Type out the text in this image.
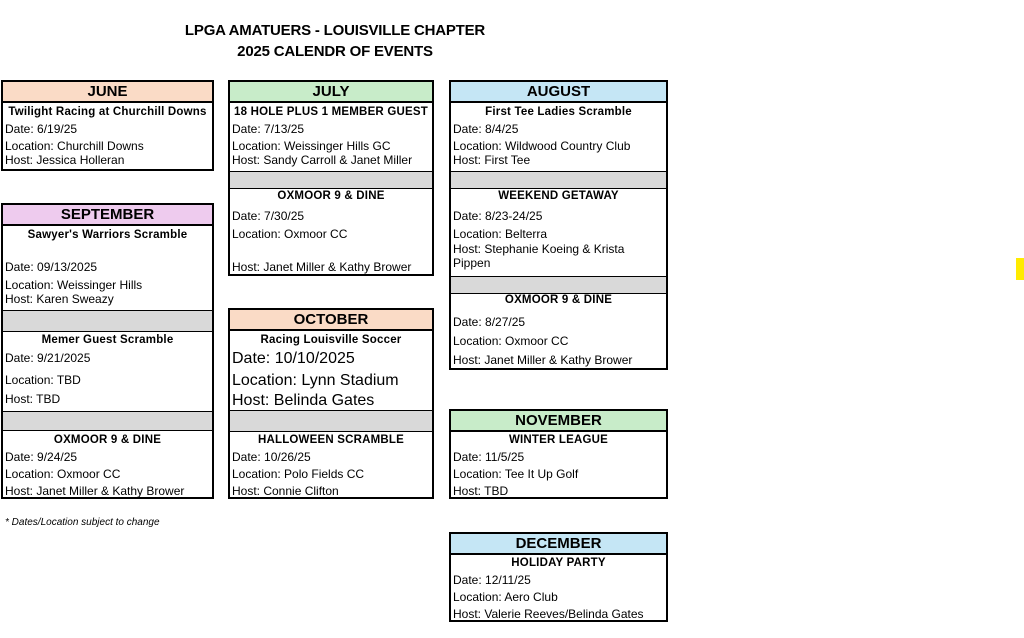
LPGA AMATUERS - LOUISVILLE CHAPTER
2025 CALENDR OF EVENTS
JUNE
Twilight Racing at Churchill Downs
Date: 6/19/25
Location: Churchill Downs
Host: Jessica Holleran
SEPTEMBER
Sawyer's Warriors Scramble
Date: 09/13/2025
Location: Weissinger Hills
Host: Karen Sweazy
Memer Guest Scramble
Date: 9/21/2025
Location: TBD
Host: TBD
OXMOOR 9 & DINE
Date: 9/24/25
Location: Oxmoor CC
Host: Janet Miller & Kathy Brower
JULY
18 HOLE PLUS 1 MEMBER GUEST
Date: 7/13/25
Location: Weissinger Hills GC
Host: Sandy Carroll & Janet Miller
OXMOOR 9 & DINE
Date: 7/30/25
Location: Oxmoor CC
Host: Janet Miller & Kathy Brower
OCTOBER
Racing Louisville Soccer
Date: 10/10/2025
Location: Lynn Stadium
Host: Belinda Gates
HALLOWEEN SCRAMBLE
Date: 10/26/25
Location: Polo Fields CC
Host: Connie Clifton
AUGUST
First Tee Ladies Scramble
Date: 8/4/25
Location: Wildwood Country Club
Host: First Tee
WEEKEND GETAWAY
Date: 8/23-24/25
Location: Belterra
Host: Stephanie Koeing & Krista Pippen
OXMOOR 9 & DINE
Date: 8/27/25
Location: Oxmoor CC
Host: Janet Miller & Kathy Brower
NOVEMBER
WINTER LEAGUE
Date: 11/5/25
Location: Tee It Up Golf
Host: TBD
DECEMBER
HOLIDAY PARTY
Date: 12/11/25
Location: Aero Club
Host: Valerie Reeves/Belinda Gates
* Dates/Location subject to change
